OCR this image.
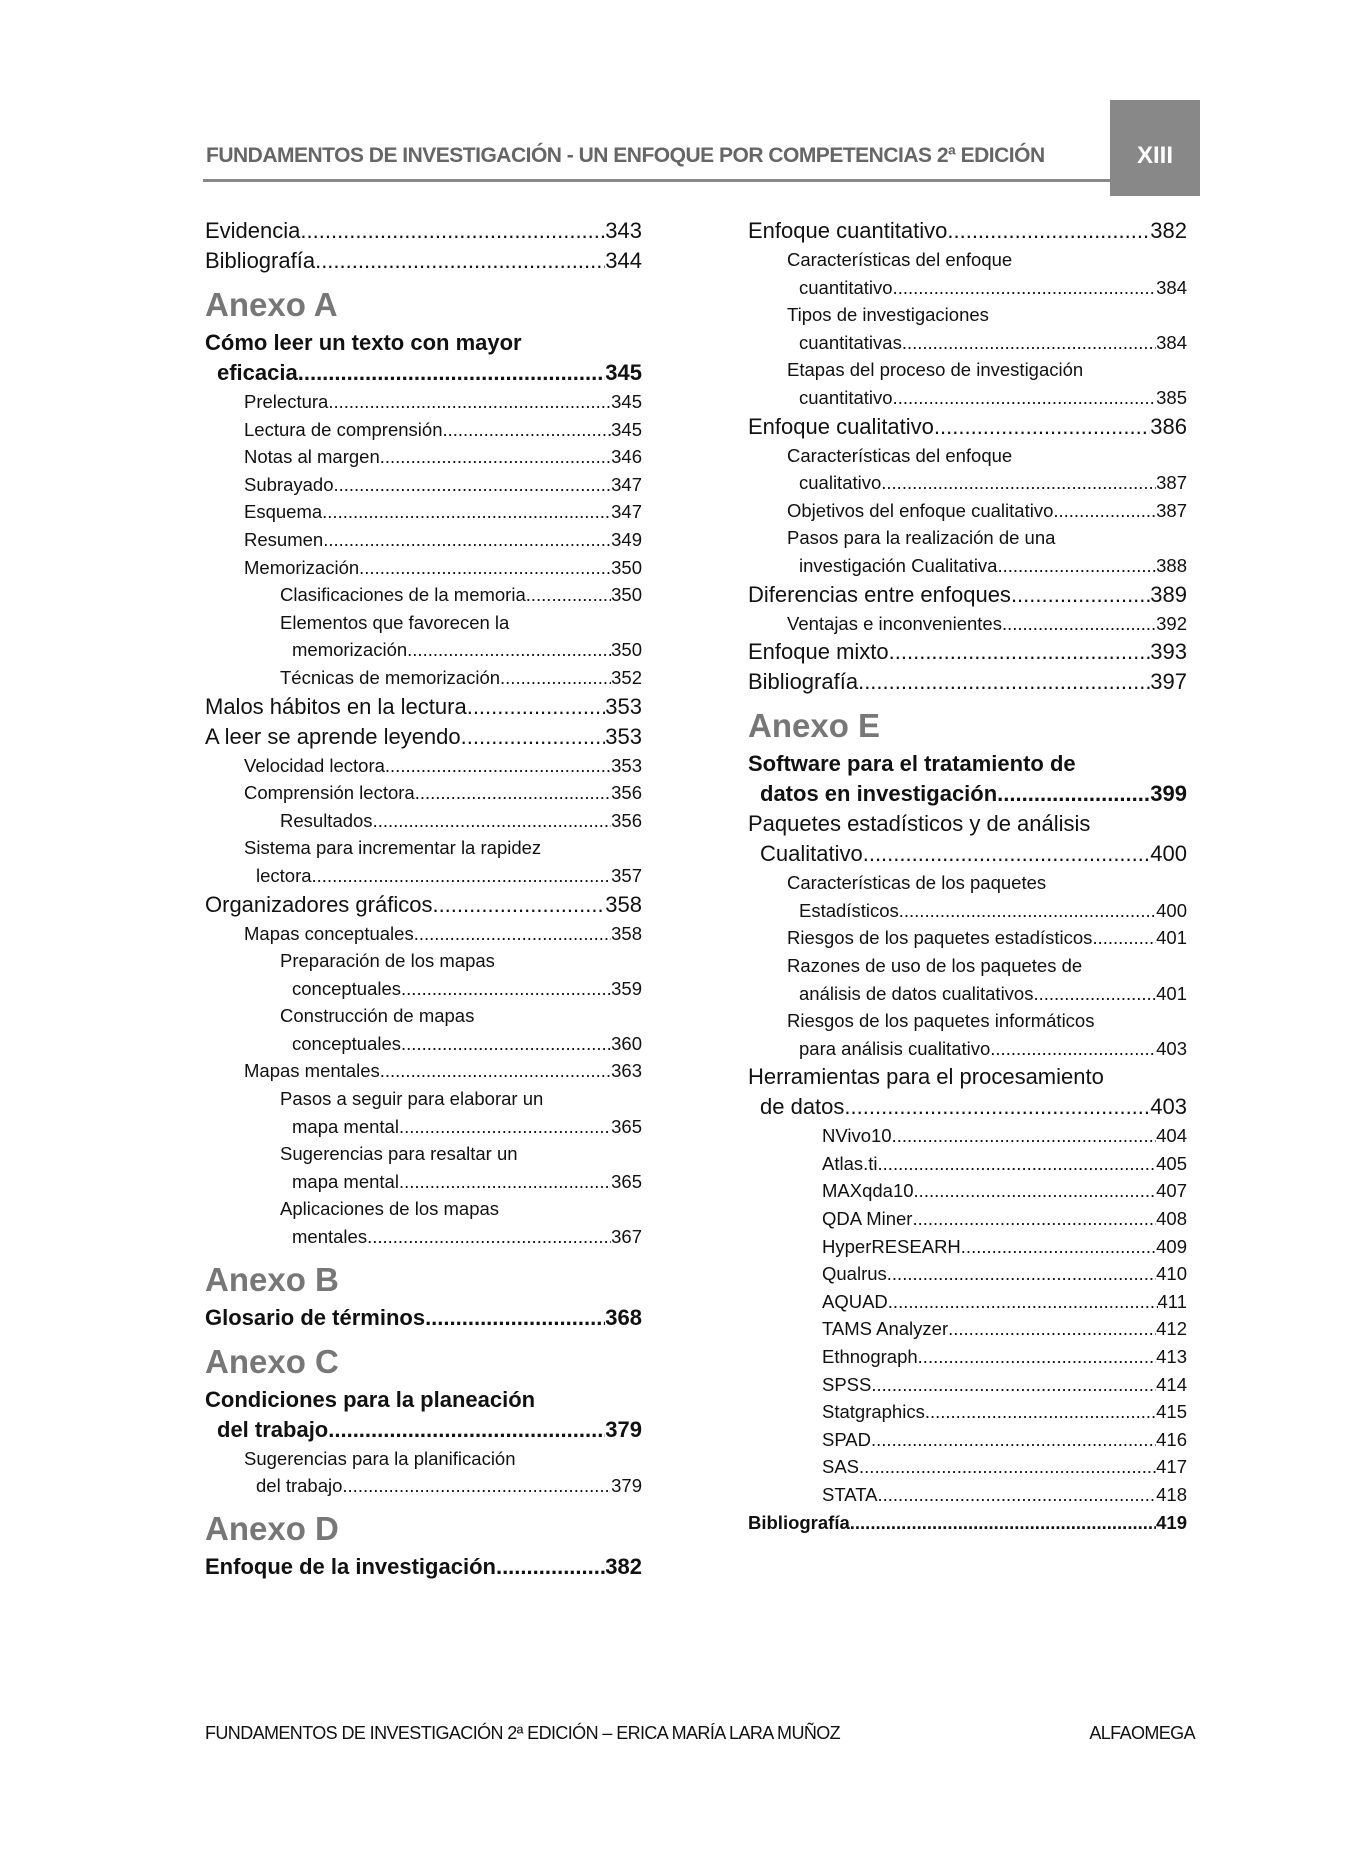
FUNDAMENTOS DE INVESTIGACIÓN - UN ENFOQUE POR COMPETENCIAS 2ª EDICIÓN	XIII
Evidencia .....	343
Bibliografía .....	344
Anexo A
Cómo leer un texto con mayor
eficacia .....	345
Prelectura .....	345
Lectura de comprensión .....	345
Notas al margen .....	346
Subrayado .....	347
Esquema .....	347
Resumen .....	349
Memorización .....	350
Clasificaciones de la memoria .....	350
Elementos que favorecen la
memorización .....	350
Técnicas de memorización .....	352
Malos hábitos en la lectura .....	353
A leer se aprende leyendo .....	353
Velocidad lectora .....	353
Comprensión lectora .....	356
Resultados .....	356
Sistema para incrementar la rapidez
lectora .....	357
Organizadores gráficos .....	358
Mapas conceptuales .....	358
Preparación de los mapas
conceptuales .....	359
Construcción de mapas
conceptuales .....	360
Mapas mentales .....	363
Pasos a seguir para elaborar un
mapa mental .....	365
Sugerencias para resaltar un
mapa mental .....	365
Aplicaciones de los mapas
mentales .....	367
Anexo B
Glosario de términos .....	368
Anexo C
Condiciones para la planeación
del trabajo .....	379
Sugerencias para la planificación
del trabajo .....	379
Anexo D
Enfoque de la investigación .....	382
Enfoque cuantitativo .....	382
Características del enfoque
cuantitativo .....	384
Tipos de investigaciones
cuantitativas .....	384
Etapas del proceso de investigación
cuantitativo .....	385
Enfoque cualitativo .....	386
Características del enfoque
cualitativo .....	387
Objetivos del enfoque cualitativo .....	387
Pasos para la realización de una
investigación Cualitativa .....	388
Diferencias entre enfoques .....	389
Ventajas e inconvenientes .....	392
Enfoque mixto .....	393
Bibliografía .....	397
Anexo E
Software para el tratamiento de
datos en investigación .....	399
Paquetes estadísticos y de análisis
Cualitativo .....	400
Características de los paquetes
Estadísticos .....	400
Riesgos de los paquetes estadísticos .....	401
Razones de uso de los paquetes de
análisis de datos cualitativos .....	401
Riesgos de los paquetes informáticos
para análisis cualitativo .....	403
Herramientas para el procesamiento
de datos .....	403
NVivo10 .....	404
Atlas.ti .....	405
MAXqda10 .....	407
QDA Miner .....	408
HyperRESEARH .....	409
Qualrus .....	410
AQUAD .....	411
TAMS Analyzer .....	412
Ethnograph .....	413
SPSS .....	414
Statgraphics .....	415
SPAD .....	416
SAS .....	417
STATA .....	418
Bibliografía .....	419
FUNDAMENTOS DE INVESTIGACIÓN 2ª EDICIÓN – ERICA MARÍA LARA MUÑOZ	ALFAOMEGA
